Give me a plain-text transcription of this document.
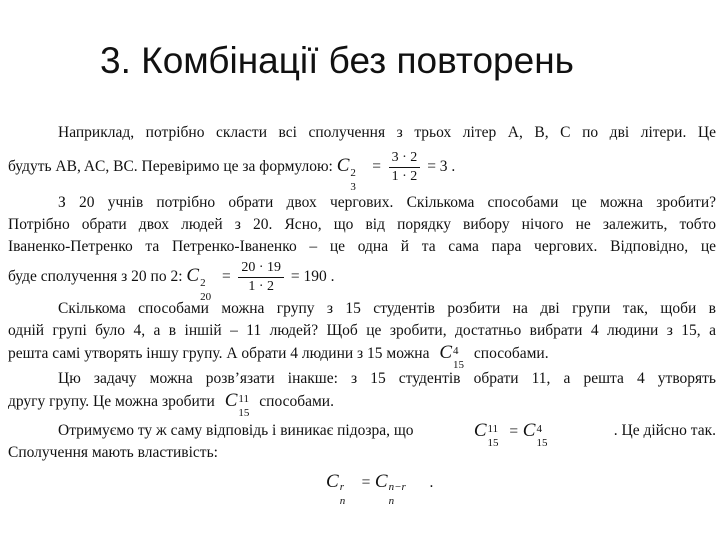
3. Комбінації без повторень
Наприклад, потрібно скласти всі сполучення з трьох літер А, В, С по дві літери. Це
будуть AB, AC, BC. Перевіримо це за формулою: C 2
3
= $\frac{3 \cdot 2}{1 \cdot 2} = 3$ .
З 20 учнів потрібно обрати двох чергових. Скількома способами це можна зробити?
Потрібно обрати двох людей з 20. Ясно, що від порядку вибору нічого не залежить, тобто
Іваненко-Петренко та Петренко-Іваненко – це одна й та сама пара чергових. Відповідно, це
буде сполучення з 20 по 2: C 2
20
= $\frac{20 \cdot 19}{1 \cdot 2} = 190$ .
Скількома способами можна групу з 15 студентів розбити на дві групи так, щоби в
одній групі було 4, а в іншій – 11 людей? Щоб це зробити, достатньо вибрати 4 людини з 15, а
решта самі утворять іншу групу. А обрати 4 людини з 15 можна C 4
15
способами.
Цю задачу можна розв’язати інакше: з 15 студентів обрати 11, а решта 4 утворять
другу групу. Це можна зробити C 11
15
способами.
Отримуємо ту ж саму відповідь і виникає підозра, що	C 11
15
= C 4
15
. Це дійсно так.
Сполучення мають властивість:
C r
n
= C n−r
n
.
